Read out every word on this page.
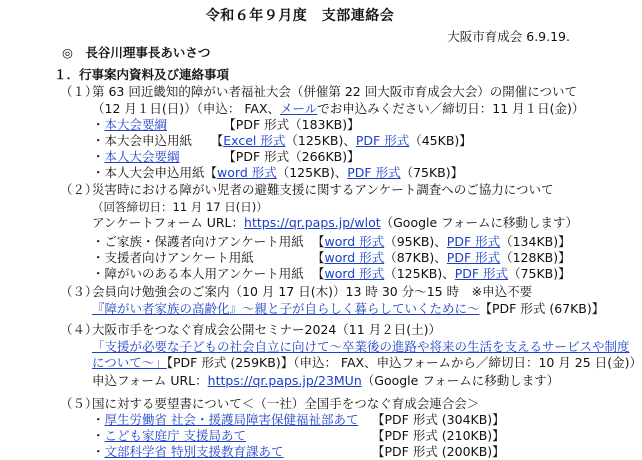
令和６年９月度　支部連絡会
大阪市育成会 6.9.19.
◎　長谷川理事長あいさつ
１．行事案内資料及び連絡事項
（１）
第 63 回近畿知的障がい者福祉大会（併催第 22 回大阪市育成会大会）の開催について
（12 月１日(日)）（申込： FAX、メールでお申込みください／締切日：11 月１日(金)）
・本大会要綱　　　　　	【PDF 形式（183KB)】
・本大会申込用紙　　【Excel 形式（125KB)、PDF 形式（45KB)】
・本人大会要綱　　　　	【PDF 形式（266KB)】
・本人大会申込用紙【word 形式（125KB)、PDF 形式（75KB)】
（２）
災害時における障がい児者の避難支援に関するアンケート調査へのご協力について
（回答締切日：11 月 17 日(日)）
アンケートフォーム URL：https://qr.paps.jp/wlot（Google フォームに移動します）
・ご家族・保護者向けアンケート用紙 【word 形式（95KB)、PDF 形式（134KB)】
・支援者向けアンケート用紙	【word 形式（87KB)、PDF 形式（128KB)】
・障がいのある本人用アンケート用紙 【word 形式（125KB)、PDF 形式（75KB)】
（３）
会員向け勉強会のご案内（10 月 17 日(木)）13 時 30 分～15 時　※申込不要
『障がい者家族の高齢化』～親と子が自らしく暮らしていくために～【PDF 形式 (67KB)】
（４）
大阪市手をつなぐ育成会公開セミナー2024（11 月２日(土)）
「支援が必要な子どもの社会自立に向けて～卒業後の進路や将来の生活を支えるサービスや制度
について～」【PDF 形式 (259KB)】（申込： FAX、申込フォームから／締切日：10 月 25 日(金)）
申込フォーム URL：https://qr.paps.jp/23MUn（Google フォームに移動します）
（５）
国に対する要望書について＜（一社）全国手をつなぐ育成会連合会＞
・厚生労働省 社会・援護局障害保健福祉部あて 【PDF 形式 (304KB)】
・こども家庭庁 支援局あて	【PDF 形式 (210KB)】
・文部科学省 特別支援教育課あて	【PDF 形式 (200KB)】
